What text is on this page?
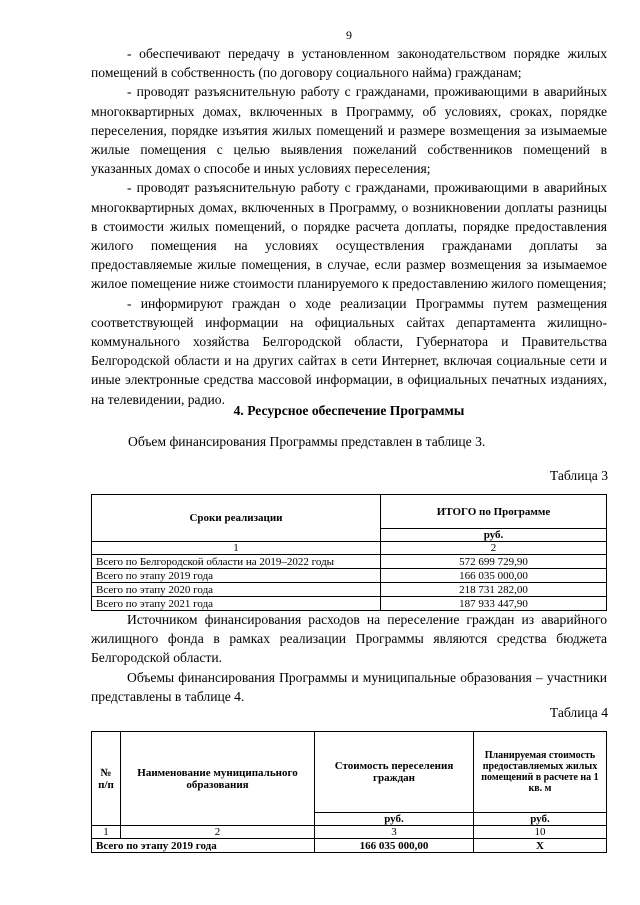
9

- обеспечивают передачу в установленном законодательством порядке жилых помещений в собственность (по договору социального найма) гражданам;

- проводят разъяснительную работу с гражданами, проживающими в аварийных многоквартирных домах, включенных в Программу, об условиях, сроках, порядке переселения, порядке изъятия жилых помещений и размере возмещения за изымаемые жилые помещения с целью выявления пожеланий собственников помещений в указанных домах о способе и иных условиях переселения;

- проводят разъяснительную работу с гражданами, проживающими в аварийных многоквартирных домах, включенных в Программу, о возникновении доплаты разницы в стоимости жилых помещений, о порядке расчета доплаты, порядке предоставления жилого помещения на условиях осуществления гражданами доплаты за предоставляемые жилые помещения, в случае, если размер возмещения за изымаемое жилое помещение ниже стоимости планируемого к предоставлению жилого помещения;

- информируют граждан о ходе реализации Программы путем размещения соответствующей информации на официальных сайтах департамента жилищно-коммунального хозяйства Белгородской области, Губернатора и Правительства Белгородской области и на других сайтах в сети Интернет, включая социальные сети и иные электронные средства массовой информации, в официальных печатных изданиях, на телевидении, радио.

4. Ресурсное обеспечение Программы
Объем финансирования Программы представлен в таблице 3.
Таблица 3
Сроки реализации	ИТОГО по Программе
	руб.
1	2
Всего по Белгородской области на 2019–2022 годы	572 699 729,90
Всего по этапу 2019 года	166 035 000,00
Всего по этапу 2020 года	218 731 282,00
Всего по этапу 2021 года	187 933 447,90

Источником финансирования расходов на переселение граждан из аварийного жилищного фонда в рамках реализации Программы являются средства бюджета Белгородской области.

Объемы финансирования Программы и муниципальные образования – участники представлены в таблице 4.

Таблица 4
№ п/п	Наименование муниципального образования	Стоимость переселения граждан	Планируемая стоимость предоставляемых жилых помещений в расчете на 1 кв. м
		руб.	руб.
1	2	3	10
Всего по этапу 2019 года		166 035 000,00	Х
